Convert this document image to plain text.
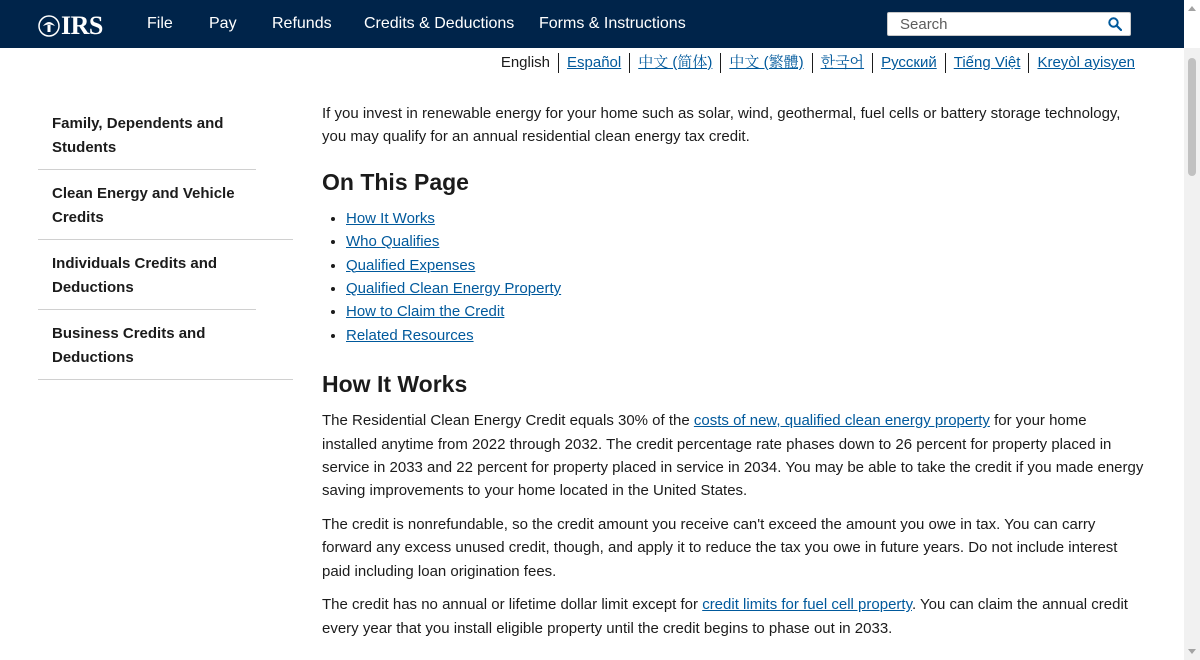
IRS	File	Pay	Refunds	Credits & Deductions	Forms & Instructions
Search
English	Español	中文 (简体)	中文 (繁體)	한국어	Русский	Tiếng Việt	Kreyòl ayisyen
Family, Dependents and Students
Clean Energy and Vehicle Credits
Individuals Credits and Deductions
Business Credits and Deductions

If you invest in renewable energy for your home such as solar, wind, geothermal, fuel cells or battery storage technology, you may qualify for an annual residential clean energy tax credit.

On This Page
• How It Works
• Who Qualifies
• Qualified Expenses
• Qualified Clean Energy Property
• How to Claim the Credit
• Related Resources
How It Works

The Residential Clean Energy Credit equals 30% of the costs of new, qualified clean energy property for your home installed anytime from 2022 through 2032. The credit percentage rate phases down to 26 percent for property placed in service in 2033 and 22 percent for property placed in service in 2034. You may be able to take the credit if you made energy saving improvements to your home located in the United States.

The credit is nonrefundable, so the credit amount you receive can't exceed the amount you owe in tax. You can carry forward any excess unused credit, though, and apply it to reduce the tax you owe in future years. Do not include interest paid including loan origination fees.

The credit has no annual or lifetime dollar limit except for credit limits for fuel cell property. You can claim the annual credit every year that you install eligible property until the credit begins to phase out in 2033.
